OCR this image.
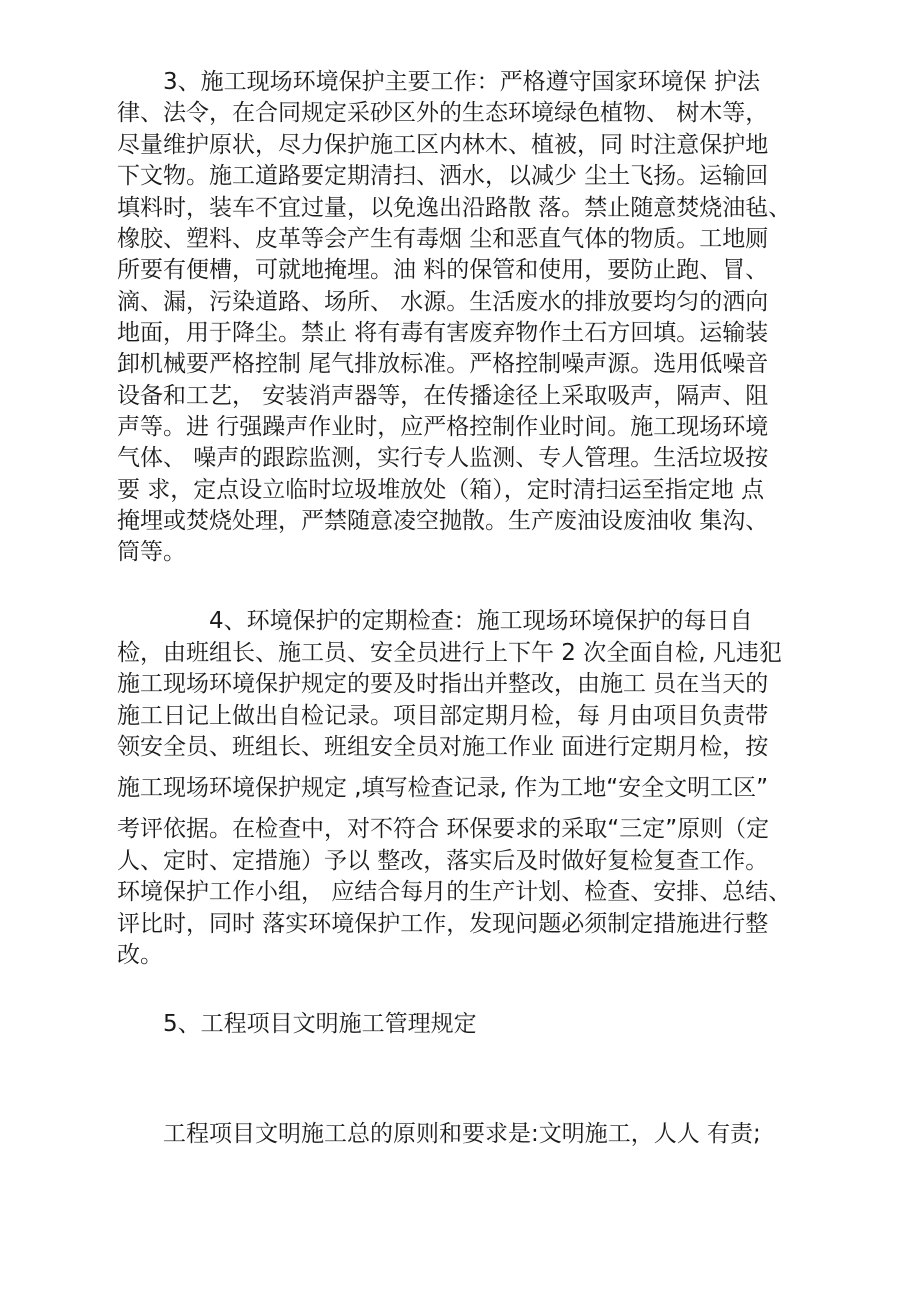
　　3、施工现场环境保护主要工作：严格遵守国家环境保 护法
律、法令，在合同规定采砂区外的生态环境绿色植物、 树木等，
尽量维护原状，尽力保护施工区内林木、植被，同 时注意保护地
下文物。施工道路要定期清扫、洒水，以减少 尘土飞扬。运输回
填料时，装车不宜过量，以免逸出沿路散 落。禁止随意焚烧油毡、
橡胶、塑料、皮革等会产生有毒烟 尘和恶直气体的物质。工地厕
所要有便槽，可就地掩埋。油 料的保管和使用，要防止跑、冒、
滴、漏，污染道路、场所、 水源。生活废水的排放要均匀的洒向
地面，用于降尘。禁止 将有毒有害废弃物作土石方回填。运输装
卸机械要严格控制 尾气排放标准。严格控制噪声源。选用低噪音
设备和工艺， 安装消声器等，在传播途径上采取吸声，隔声、阻
声等。进 行强躁声作业时，应严格控制作业时间。施工现场环境
气体、 噪声的跟踪监测，实行专人监测、专人管理。生活垃圾按
要 求，定点设立临时垃圾堆放处（箱），定时清扫运至指定地 点
掩埋或焚烧处理，严禁随意凌空抛散。生产废油设废油收 集沟、
筒等。
　　　　4、环境保护的定期检查：施工现场环境保护的每日自
检，由班组长、施工员、安全员进行上下午 2 次全面自检, 凡违犯
施工现场环境保护规定的要及时指出并整改，由施工 员在当天的
施工日记上做出自检记录。项目部定期月检，每 月由项目负责带
领安全员、班组长、班组安全员对施工作业 面进行定期月检，按
施工现场环境保护规定 ,填写检查记录, 作为工地“安全文明工区”
考评依据。在检查中，对不符合 环保要求的采取“三定”原则（定
人、定时、定措施）予以 整改，落实后及时做好复检复查工作。
环境保护工作小组， 应结合每月的生产计划、检查、安排、总结、
评比时，同时 落实环境保护工作，发现问题必须制定措施进行整
改。
　　5、工程项目文明施工管理规定
　　工程项目文明施工总的原则和要求是:文明施工，人人 有责;
